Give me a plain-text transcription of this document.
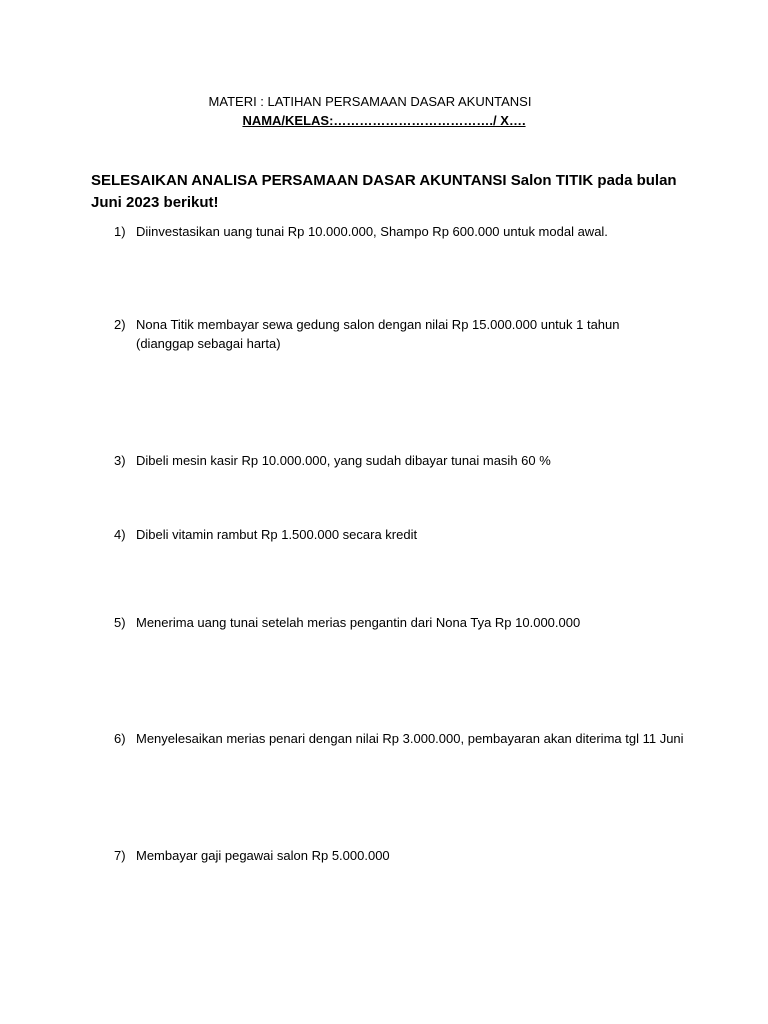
MATERI : LATIHAN PERSAMAAN DASAR AKUNTANSI
NAMA/KELAS:………………………………./ X….
SELESAIKAN ANALISA PERSAMAAN DASAR AKUNTANSI Salon TITIK pada bulan Juni 2023 berikut!
1) Diinvestasikan uang tunai Rp 10.000.000, Shampo Rp 600.000 untuk modal awal.
2) Nona Titik membayar sewa gedung salon dengan nilai Rp 15.000.000 untuk 1 tahun (dianggap sebagai harta)
3) Dibeli mesin kasir Rp 10.000.000, yang sudah dibayar tunai masih 60 %
4) Dibeli vitamin rambut Rp 1.500.000 secara kredit
5) Menerima uang tunai setelah merias pengantin dari Nona Tya Rp 10.000.000
6) Menyelesaikan merias penari dengan nilai Rp 3.000.000, pembayaran akan diterima tgl 11 Juni
7) Membayar gaji pegawai salon Rp 5.000.000
